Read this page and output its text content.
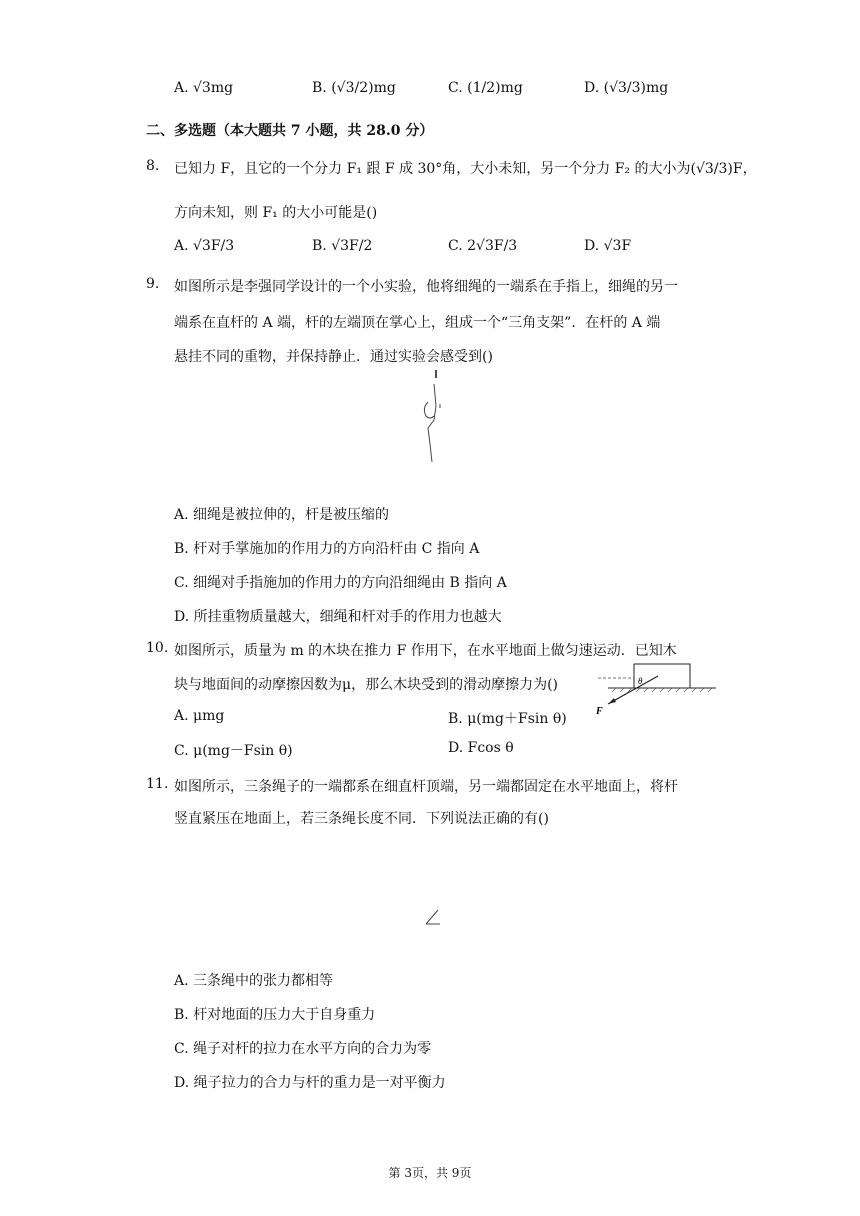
A. √3mg	B. (√3/2)mg	C. (1/2)mg	D. (√3/3)mg
二、多选题（本大题共 7 小题，共 28.0 分）
8. 已知力 F，且它的一个分力 F₁ 跟 F 成 30°角，大小未知，另一个分力 F₂ 的大小为(√3/3)F，
方向未知，则 F₁ 的大小可能是()
A. √3F/3	B. √3F/2	C. 2√3F/3	D. √3F
9. 如图所示是李强同学设计的一个小实验，他将细绳的一端系在手指上，细绳的另一
端系在直杆的 A 端，杆的左端顶在掌心上，组成一个“三角支架”．在杆的 A 端
悬挂不同的重物，并保持静止．通过实验会感受到()
A. 细绳是被拉伸的，杆是被压缩的
B. 杆对手掌施加的作用力的方向沿杆由 C 指向 A
C. 细绳对手指施加的作用力的方向沿细绳由 B 指向 A
D. 所挂重物质量越大，细绳和杆对手的作用力也越大
10. 如图所示，质量为 m 的木块在推力 F 作用下，在水平地面上做匀速运动．已知木
块与地面间的动摩擦因数为μ，那么木块受到的滑动摩擦力为()	θ
F
A. μmg	B. μ(mg＋Fsin θ)
C. μ(mg－Fsin θ)	D. Fcos θ
11. 如图所示，三条绳子的一端都系在细直杆顶端，另一端都固定在水平地面上，将杆
竖直紧压在地面上，若三条绳长度不同．下列说法正确的有()
A. 三条绳中的张力都相等
B. 杆对地面的压力大于自身重力
C. 绳子对杆的拉力在水平方向的合力为零
D. 绳子拉力的合力与杆的重力是一对平衡力
第 3页，共 9页
